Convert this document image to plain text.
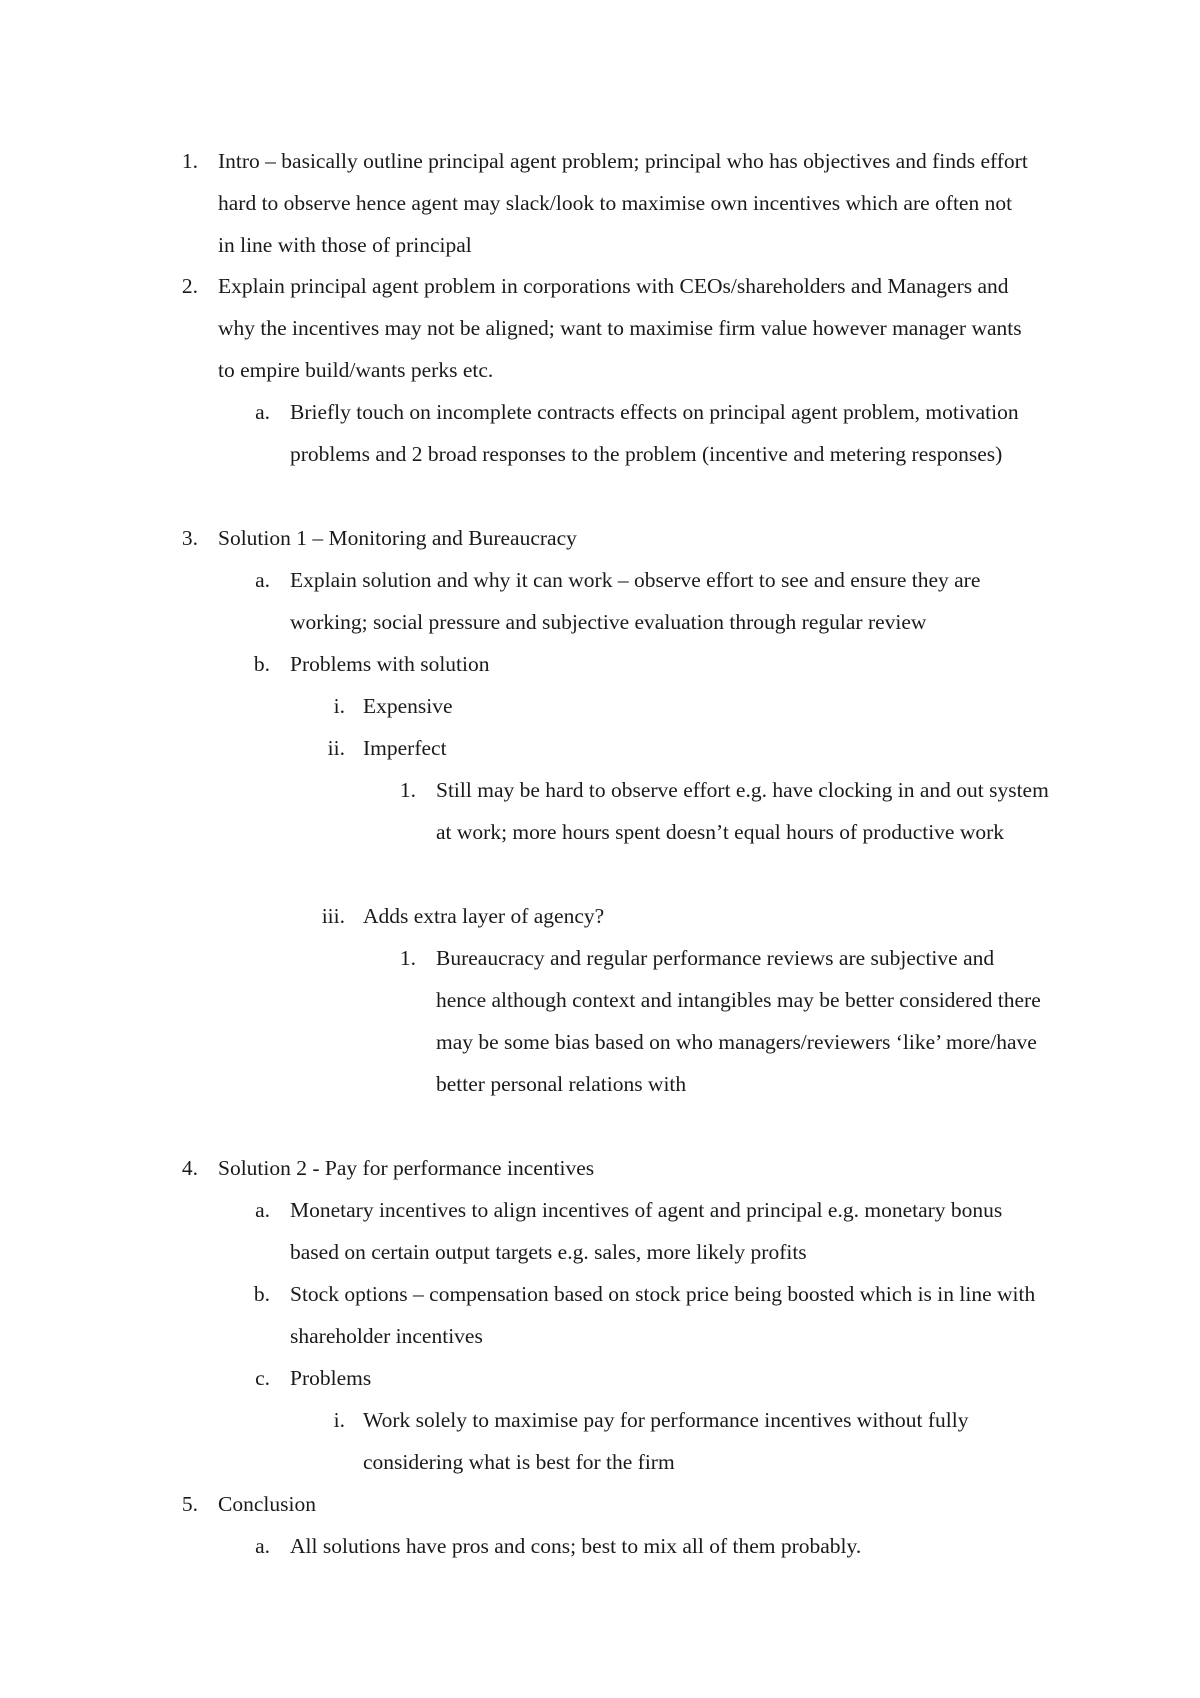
1. Intro – basically outline principal agent problem; principal who has objectives and finds effort hard to observe hence agent may slack/look to maximise own incentives which are often not in line with those of principal
2. Explain principal agent problem in corporations with CEOs/shareholders and Managers and why the incentives may not be aligned; want to maximise firm value however manager wants to empire build/wants perks etc.
a. Briefly touch on incomplete contracts effects on principal agent problem, motivation problems and 2 broad responses to the problem (incentive and metering responses)
3. Solution 1 – Monitoring and Bureaucracy
a. Explain solution and why it can work – observe effort to see and ensure they are working; social pressure and subjective evaluation through regular review
b. Problems with solution
i. Expensive
ii. Imperfect
1. Still may be hard to observe effort e.g. have clocking in and out system at work; more hours spent doesn’t equal hours of productive work
iii. Adds extra layer of agency?
1. Bureaucracy and regular performance reviews are subjective and hence although context and intangibles may be better considered there may be some bias based on who managers/reviewers ‘like’ more/have better personal relations with
4. Solution 2 - Pay for performance incentives
a. Monetary incentives to align incentives of agent and principal e.g. monetary bonus based on certain output targets e.g. sales, more likely profits
b. Stock options – compensation based on stock price being boosted which is in line with shareholder incentives
c. Problems
i. Work solely to maximise pay for performance incentives without fully considering what is best for the firm
5. Conclusion
a. All solutions have pros and cons; best to mix all of them probably.
